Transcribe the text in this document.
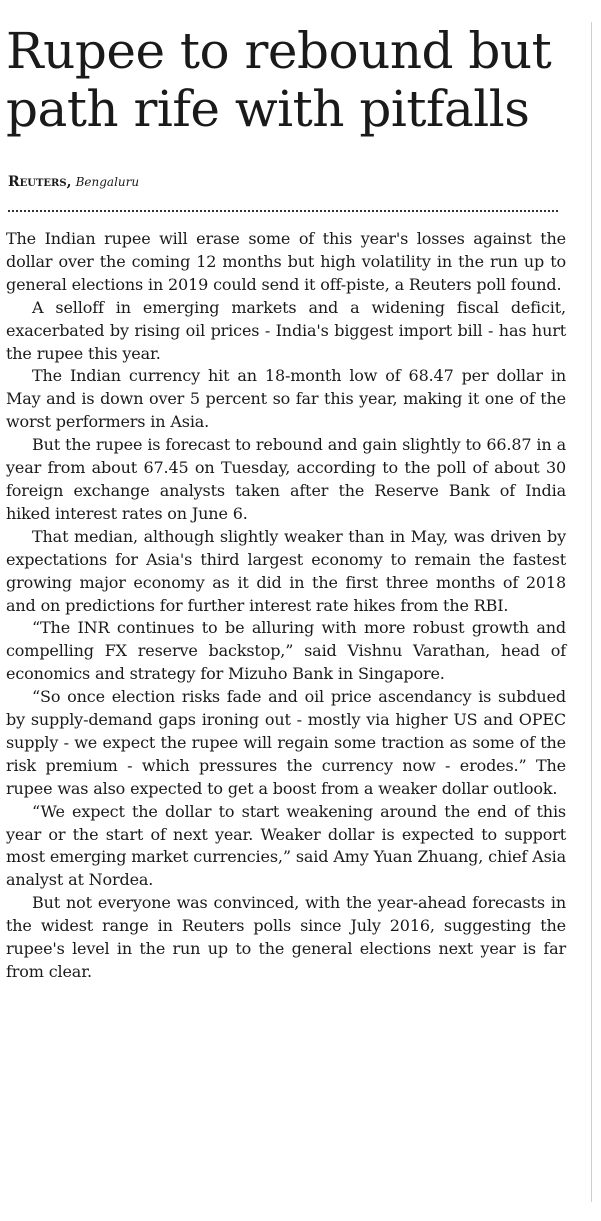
Rupee to rebound but path rife with pitfalls
Reuters, Bengaluru

The Indian rupee will erase some of this year's losses against the dollar over the coming 12 months but high volatility in the run up to general elections in 2019 could send it off-piste, a Reuters poll found.

A selloff in emerging markets and a widening fiscal deficit, exacerbated by rising oil prices - India's biggest import bill - has hurt the rupee this year.

The Indian currency hit an 18-month low of 68.47 per dollar in May and is down over 5 percent so far this year, making it one of the worst performers in Asia.

But the rupee is forecast to rebound and gain slightly to 66.87 in a year from about 67.45 on Tuesday, according to the poll of about 30 foreign exchange analysts taken after the Reserve Bank of India hiked interest rates on June 6.

That median, although slightly weaker than in May, was driven by expectations for Asia's third largest economy to remain the fastest growing major economy as it did in the first three months of 2018 and on predictions for further interest rate hikes from the RBI.

“The INR continues to be alluring with more robust growth and compelling FX reserve backstop,” said Vishnu Varathan, head of economics and strategy for Mizuho Bank in Singapore.

“So once election risks fade and oil price ascendancy is subdued by supply-demand gaps ironing out - mostly via higher US and OPEC supply - we expect the rupee will regain some traction as some of the risk premium - which pressures the currency now - erodes.” The rupee was also expected to get a boost from a weaker dollar outlook.

“We expect the dollar to start weakening around the end of this year or the start of next year. Weaker dollar is expected to support most emerging market currencies,” said Amy Yuan Zhuang, chief Asia analyst at Nordea.

But not everyone was convinced, with the year-ahead forecasts in the widest range in Reuters polls since July 2016, suggesting the rupee's level in the run up to the general elections next year is far from clear.
